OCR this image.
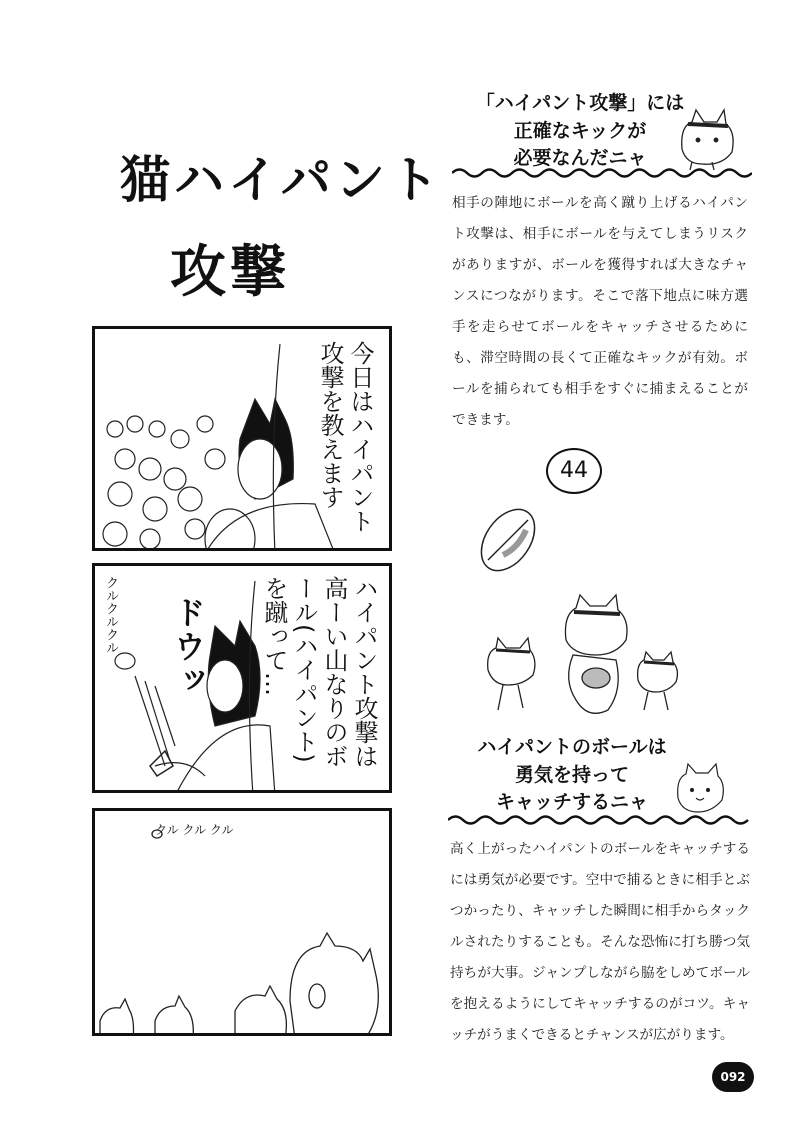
猫ハイパント
攻撃
今日はハイパント攻撃を教えます
クルクルクル ドウッ	ハイパント攻撃は高ーい山なりのボール(ハイパント)を蹴って…
クル クル クル
「ハイパント攻撃」には
正確なキックが
必要なんだニャ
相手の陣地にボールを高く蹴り上げるハイパント攻撃は、相手にボールを与えてしまうリスクがありますが、ボールを獲得すれば大きなチャンスにつながります。そこで落下地点に味方選手を走らせてボールをキャッチさせるためにも、滞空時間の長くて正確なキックが有効。ボールを捕られても相手をすぐに捕まえることができます。
44
ハイパントのボールは
勇気を持って
キャッチするニャ
高く上がったハイパントのボールをキャッチするには勇気が必要です。空中で捕るときに相手とぶつかったり、キャッチした瞬間に相手からタックルされたりすることも。そんな恐怖に打ち勝つ気持ちが大事。ジャンプしながら脇をしめてボールを抱えるようにしてキャッチするのがコツ。キャッチがうまくできるとチャンスが広がります。
092
